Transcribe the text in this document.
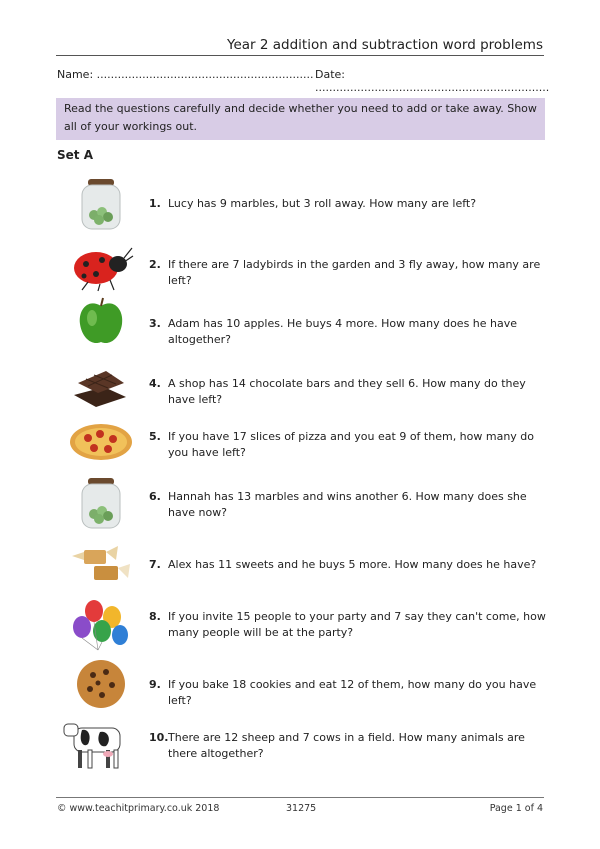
Year 2 addition and subtraction word problems
Name: .............................................................. Date: ...................................................................
Read the questions carefully and decide whether you need to add or take away. Show all of your workings out.
Set A
1. Lucy has 9 marbles, but 3 roll away. How many are left?
2. If there are 7 ladybirds in the garden and 3 fly away, how many are left?
3. Adam has 10 apples. He buys 4 more. How many does he have altogether?
4. A shop has 14 chocolate bars and they sell 6. How many do they have left?
5. If you have 17 slices of pizza and you eat 9 of them, how many do you have left?
6. Hannah has 13 marbles and wins another 6. How many does she have now?
7. Alex has 11 sweets and he buys 5 more. How many does he have?
8. If you invite 15 people to your party and 7 say they can't come, how many people will be at the party?
9. If you bake 18 cookies and eat 12 of them, how many do you have left?
10. There are 12 sheep and 7 cows in a field. How many animals are there altogether?
© www.teachitprimary.co.uk 2018	31275	Page 1 of 4
